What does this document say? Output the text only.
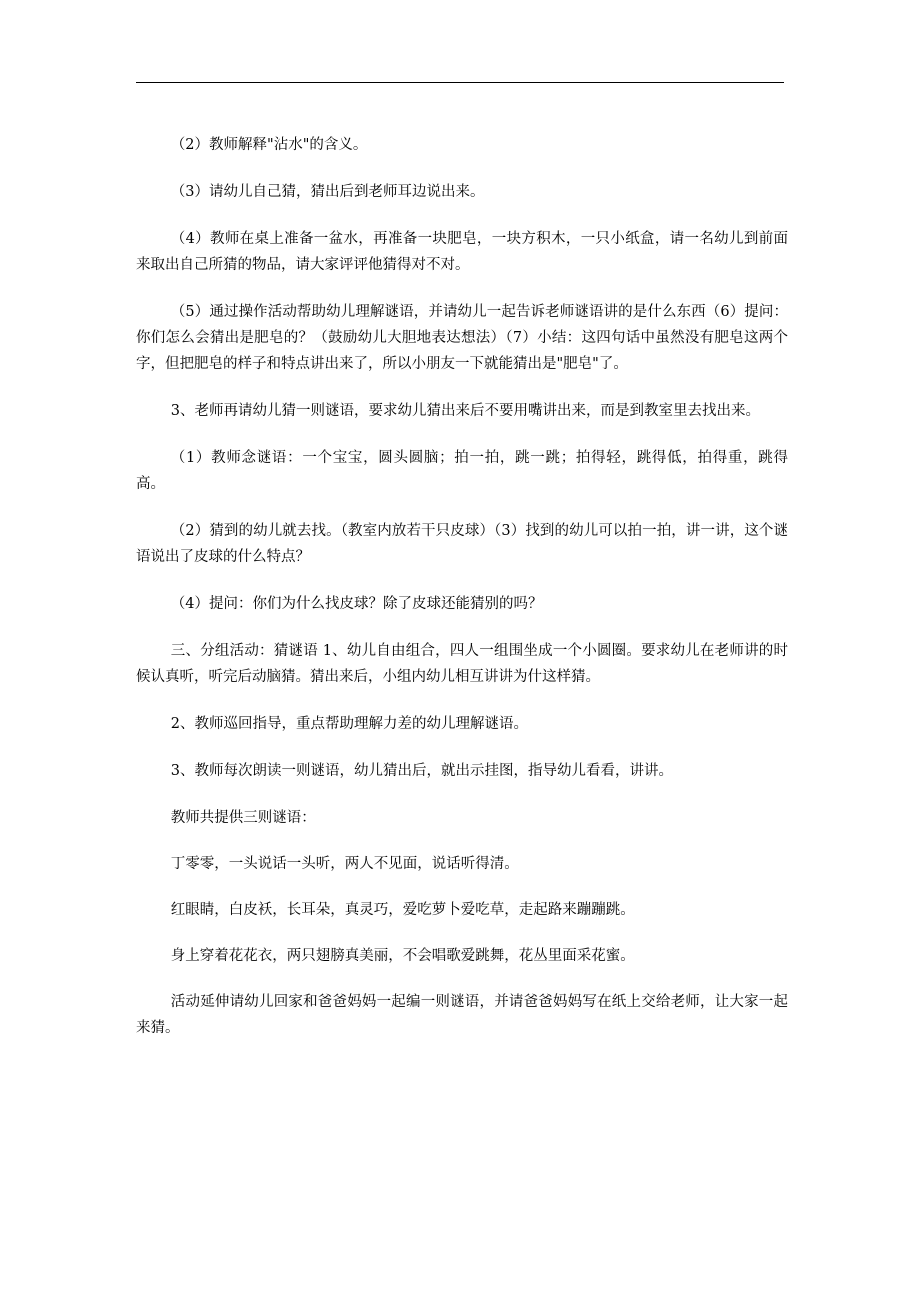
（2）教师解释"沾水"的含义。

（3）请幼儿自己猜，猜出后到老师耳边说出来。

（4）教师在桌上准备一盆水，再准备一块肥皂，一块方积木，一只小纸盒，请一名幼儿到前面来取出自己所猜的物品，请大家评评他猜得对不对。

（5）通过操作活动帮助幼儿理解谜语，并请幼儿一起告诉老师谜语讲的是什么东西（6）提问：你们怎么会猜出是肥皂的？（鼓励幼儿大胆地表达想法）（7）小结：这四句话中虽然没有肥皂这两个字，但把肥皂的样子和特点讲出来了，所以小朋友一下就能猜出是"肥皂"了。

3、老师再请幼儿猜一则谜语，要求幼儿猜出来后不要用嘴讲出来，而是到教室里去找出来。

（1）教师念谜语：一个宝宝，圆头圆脑；拍一拍，跳一跳；拍得轻，跳得低，拍得重，跳得高。

（2）猜到的幼儿就去找。（教室内放若干只皮球）（3）找到的幼儿可以拍一拍，讲一讲，这个谜语说出了皮球的什么特点？

（4）提问：你们为什么找皮球？除了皮球还能猜别的吗？

三、分组活动：猜谜语 1、幼儿自由组合，四人一组围坐成一个小圆圈。要求幼儿在老师讲的时候认真听，听完后动脑猜。猜出来后，小组内幼儿相互讲讲为什这样猜。

2、教师巡回指导，重点帮助理解力差的幼儿理解谜语。

3、教师每次朗读一则谜语，幼儿猜出后，就出示挂图，指导幼儿看看，讲讲。

教师共提供三则谜语：

丁零零，一头说话一头听，两人不见面，说话听得清。

红眼睛，白皮袄，长耳朵，真灵巧，爱吃萝卜爱吃草，走起路来蹦蹦跳。

身上穿着花花衣，两只翅膀真美丽，不会唱歌爱跳舞，花丛里面采花蜜。

活动延伸请幼儿回家和爸爸妈妈一起编一则谜语，并请爸爸妈妈写在纸上交给老师，让大家一起来猜。
